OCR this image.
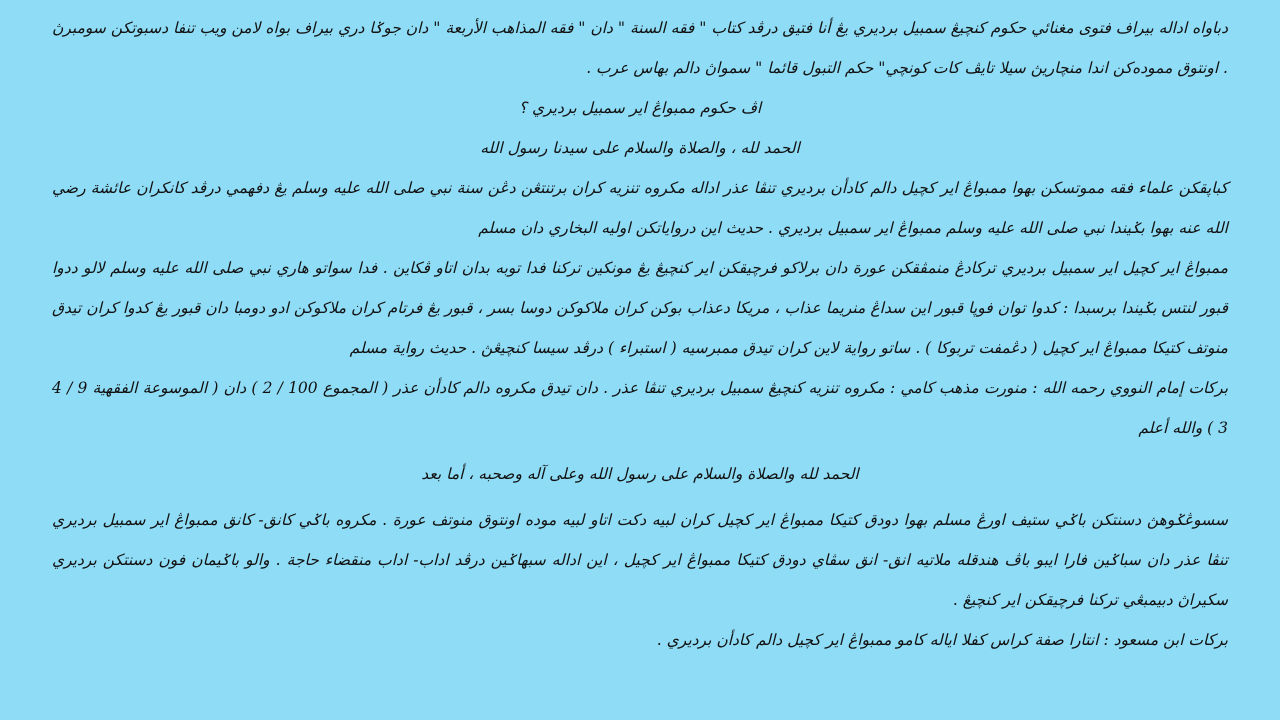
دباواه اداله بيراف فتوى مغنائي حكوم كنچيڠ سمبيل برديري يڠ أنا فتيق درڤد كتاب " فقه السنة " دان " فقه المذاهب الأربعة " دان جوݢا دري بيراف بواه لامن ويب تنفا دسبوتكن سومبرڽ . اونتوق مموده‌كن اندا منچاريڽ سيلا تايڤ كات كونچي" حكم التبول قائما " سمواڽ دالم بهاس عرب .

اڤ حكوم ممبواڠ اير سمبيل برديري ؟

الحمد لله ، والصلاة والسلام على سيدنا رسول الله

كباڽقكن علماء فقه مموتسكن بهوا ممبواڠ اير كچيل دالم كادأن برديري تنڤا عذر اداله مكروه تنزيه كران برتنتڠن دڠن سنة نبي صلى الله عليه وسلم يڠ دفهمي درڤد كانكران عائشة رضي الله عنه بهوا بݢيندا نبي صلى الله عليه وسلم ممبواڠ اير سمبيل برديري . حديث اين درواياتكن اوليه البخاري دان مسلم

ممبواڠ اير كچيل اير سمبيل برديري تركادڠ منمڤقكن عورة دان برلاكو فرچيقكن اير كنچيڠ يڠ مونكين تركنا فدا توبه بدان اتاو ڤكاين . فدا سواتو هاري نبي صلى الله عليه وسلم لالو ددوا قبور لنتس بݢيندا برسبدا : كدوا توان فوڽا قبور اين سداڠ منريما عذاب ، مريكا دعذاب بوكن كران ملاكوكن دوسا بسر ، قبور يڠ فرتام كران ملاكوكن ادو دومبا دان قبور يڠ كدوا كران تيدق منوتف كتيكا ممبواڠ اير كچيل ( دڠمفت تربوكا ) . ساتو رواية لاين كران تيدق ممبرسيه ( استبراء ) درڤد سيسا كنچيڠڽ . حديث رواية مسلم

بركات إمام النووي رحمه الله : منورت مذهب كامي : مكروه تنزيه كنچيڠ سمبيل برديري تنڤا عذر . دان تيدق مكروه دالم كادأن عذر ( المجموع 100 / 2 ) دان ( الموسوعة الفقهية 9 / 4 3 ) والله أعلم

الحمد لله والصلاة والسلام على رسول الله وعلى آله وصحبه ، أما بعد

سسوڠݢوهڽ دسنتكن باݢي ستيف اورڠ مسلم بهوا دودق كتيكا ممبواڠ اير كچيل كران لبيه دكت اتاو لبيه موده اونتوق منوتف عورة . مكروه باݢي كانق- كانق ممبواڠ اير سمبيل برديري تنڤا عذر دان سباݢين فارا ايبو باڤ هندقله ملاتيه انق- انق سڤاي دودق كتيكا ممبواڠ اير كچيل ، اين اداله سبهاݢين درڤد اداب- اداب منقضاء حاجة . والو باݢيمان فون دسنتكن برديري سكيراڽ دبيمبڠي تركنا فرچيقكن اير كنچيڠ .

بركات ابن مسعود : انتارا صفة كراس كفلا اياله كامو ممبواڠ اير كچيل دالم كادأن برديري .
